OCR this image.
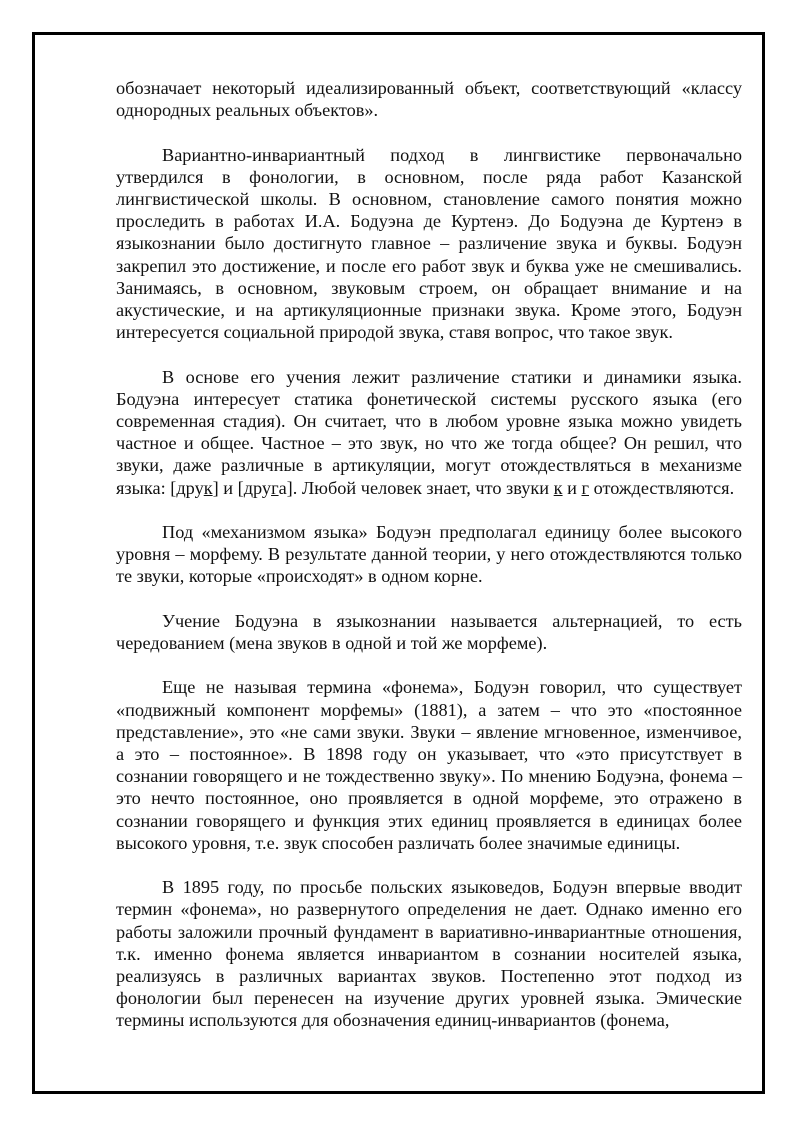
обозначает некоторый идеализированный объект, соответствующий «классу однородных реальных объектов».

Вариантно-инвариантный подход в лингвистике первоначально утвердился в фонологии, в основном, после ряда работ Казанской лингвистической школы. В основном, становление самого понятия можно проследить в работах И.А. Бодуэна де Куртенэ. До Бодуэна де Куртенэ в языкознании было достигнуто главное – различение звука и буквы. Бодуэн закрепил это достижение, и после его работ звук и буква уже не смешивались. Занимаясь, в основном, звуковым строем, он обращает внимание и на акустические, и на артикуляционные признаки звука. Кроме этого, Бодуэн интересуется социальной природой звука, ставя вопрос, что такое звук.

В основе его учения лежит различение статики и динамики языка. Бодуэна интересует статика фонетической системы русского языка (его современная стадия). Он считает, что в любом уровне языка можно увидеть частное и общее. Частное – это звук, но что же тогда общее? Он решил, что звуки, даже различные в артикуляции, могут отождествляться в механизме языка: [друк] и [друга]. Любой человек знает, что звуки к и г отождествляются.

Под «механизмом языка» Бодуэн предполагал единицу более высокого уровня – морфему. В результате данной теории, у него отождествляются только те звуки, которые «происходят» в одном корне.

Учение Бодуэна в языкознании называется альтернацией, то есть чередованием (мена звуков в одной и той же морфеме).

Еще не называя термина «фонема», Бодуэн говорил, что существует «подвижный компонент морфемы» (1881), а затем – что это «постоянное представление», это «не сами звуки. Звуки – явление мгновенное, изменчивое, а это – постоянное». В 1898 году он указывает, что «это присутствует в сознании говорящего и не тождественно звуку». По мнению Бодуэна, фонема – это нечто постоянное, оно проявляется в одной морфеме, это отражено в сознании говорящего и функция этих единиц проявляется в единицах более высокого уровня, т.е. звук способен различать более значимые единицы.

В 1895 году, по просьбе польских языковедов, Бодуэн впервые вводит термин «фонема», но развернутого определения не дает. Однако именно его работы заложили прочный фундамент в вариативно-инвариантные отношения, т.к. именно фонема является инвариантом в сознании носителей языка, реализуясь в различных вариантах звуков. Постепенно этот подход из фонологии был перенесен на изучение других уровней языка. Эмические термины используются для обозначения единиц-инвариантов (фонема,
